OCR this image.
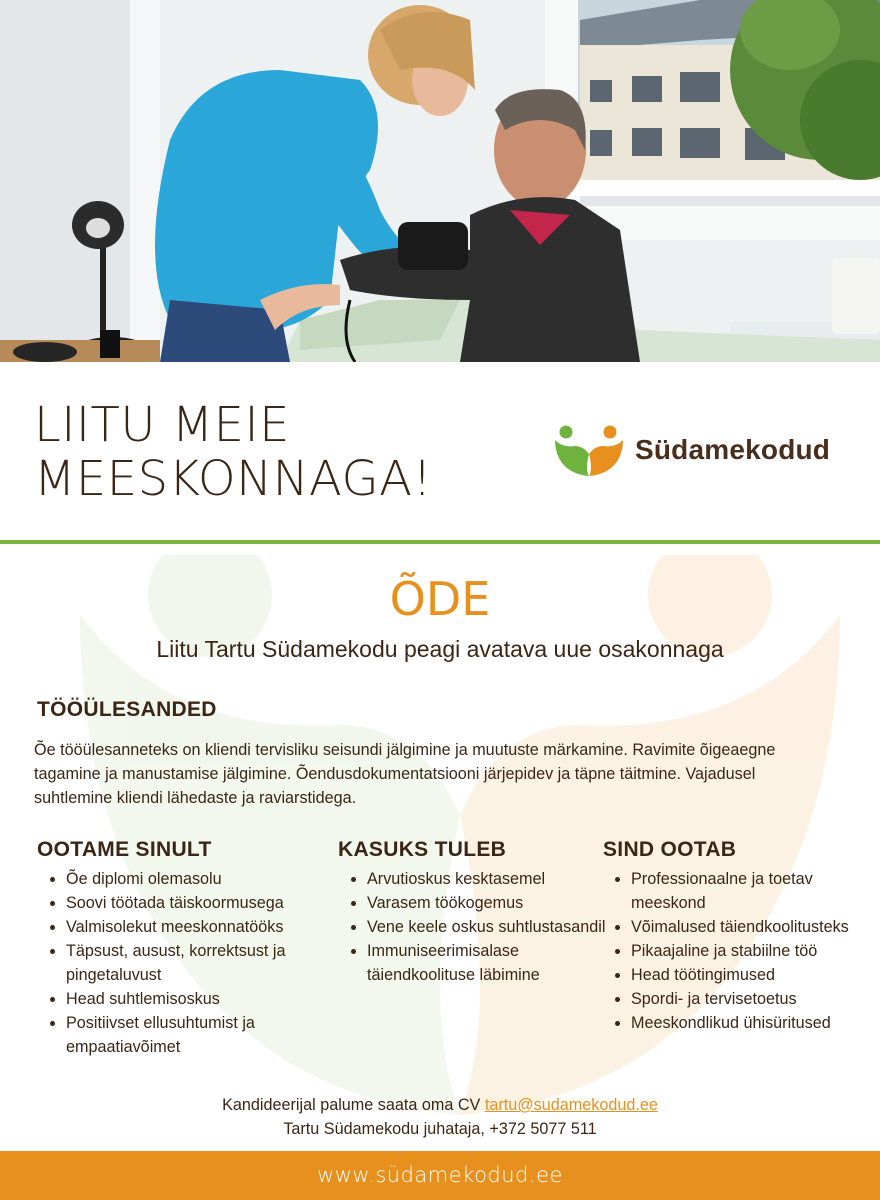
LIITU MEIE
MEESKONNAGA!
Südamekodud
ÕDE
Liitu Tartu Südamekodu peagi avatava uue osakonnaga
TÖÖÜLESANDED
Õe tööülesanneteks on kliendi tervisliku seisundi jälgimine ja muutuste märkamine. Ravimite õigeaegne tagamine ja manustamise jälgimine. Õendusdokumentatsiooni järjepidev ja täpne täitmine. Vajadusel suhtlemine kliendi lähedaste ja raviarstidega.
OOTAME SINULT
• Õe diplomi olemasolu
• Soovi töötada täiskoormusega
• Valmisolekut meeskonnatööks
• Täpsust, ausust, korrektsust ja pingetaluvust
• Head suhtlemisoskus
• Positiivset ellusuhtumist ja empaatiavõimet
KASUKS TULEB
• Arvutioskus kesktasemel
• Varasem töökogemus
• Vene keele oskus suhtlustasandil
• Immuniseerimisalase täiendkoolituse läbimine
SIND OOTAB
• Professionaalne ja toetav meeskond
• Võimalused täiendkoolitusteks
• Pikaajaline ja stabiilne töö
• Head töötingimused
• Spordi- ja tervisetoetus
• Meeskondlikud ühisüritused
Kandideerijal palume saata oma CV tartu@sudamekodud.ee
Tartu Südamekodu juhataja, +372 5077 511
www.südamekodud.ee
